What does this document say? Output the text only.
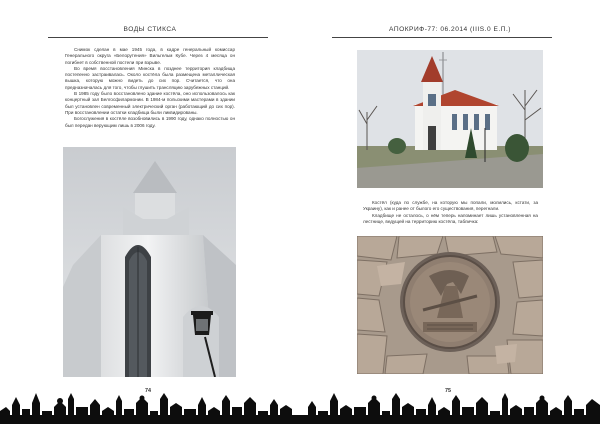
ВОДЫ СТИКСА

Снимок сделан в мае 1945 года, в кадре генеральный комиссар Генерального округа «Белорутения» Вильгельм Кубе. Через 4 месяца он погибнет в собственной постели при взрыве.

Во время восстановления Минска в позднее территория кладбища постепенно застраивалась. Около костёла была размещена металлическая вышка, которую можно видеть до сих пор. Считается, что она предназначалась для того, чтобы глушить трансляцию зарубежных станций.

В 1985 году было восстановлено здание костёла, оно использовалось как концертный зал Белгосфилармонии. В 1984-м польскими мастерами в здании был установлен современный электрический орган (работающий до сих пор). При восстановлении остатки кладбища были ликвидированы.

Богослужения в костёле возобновились в 1990 году, однако полностью он был передан верующим лишь в 2006 году.

74
АПОКРИФ-77: 06.2014 (IIIS.0 Е.П.)
75

Костёл (куда по службе, на которую мы попали, молились, кстати, за Украину), как и ранее от былого его существования, перегнали.

Кладбище не осталось, о нём теперь напоминает лишь установленная на лестнице, ведущей на территорию костёла, табличка:
